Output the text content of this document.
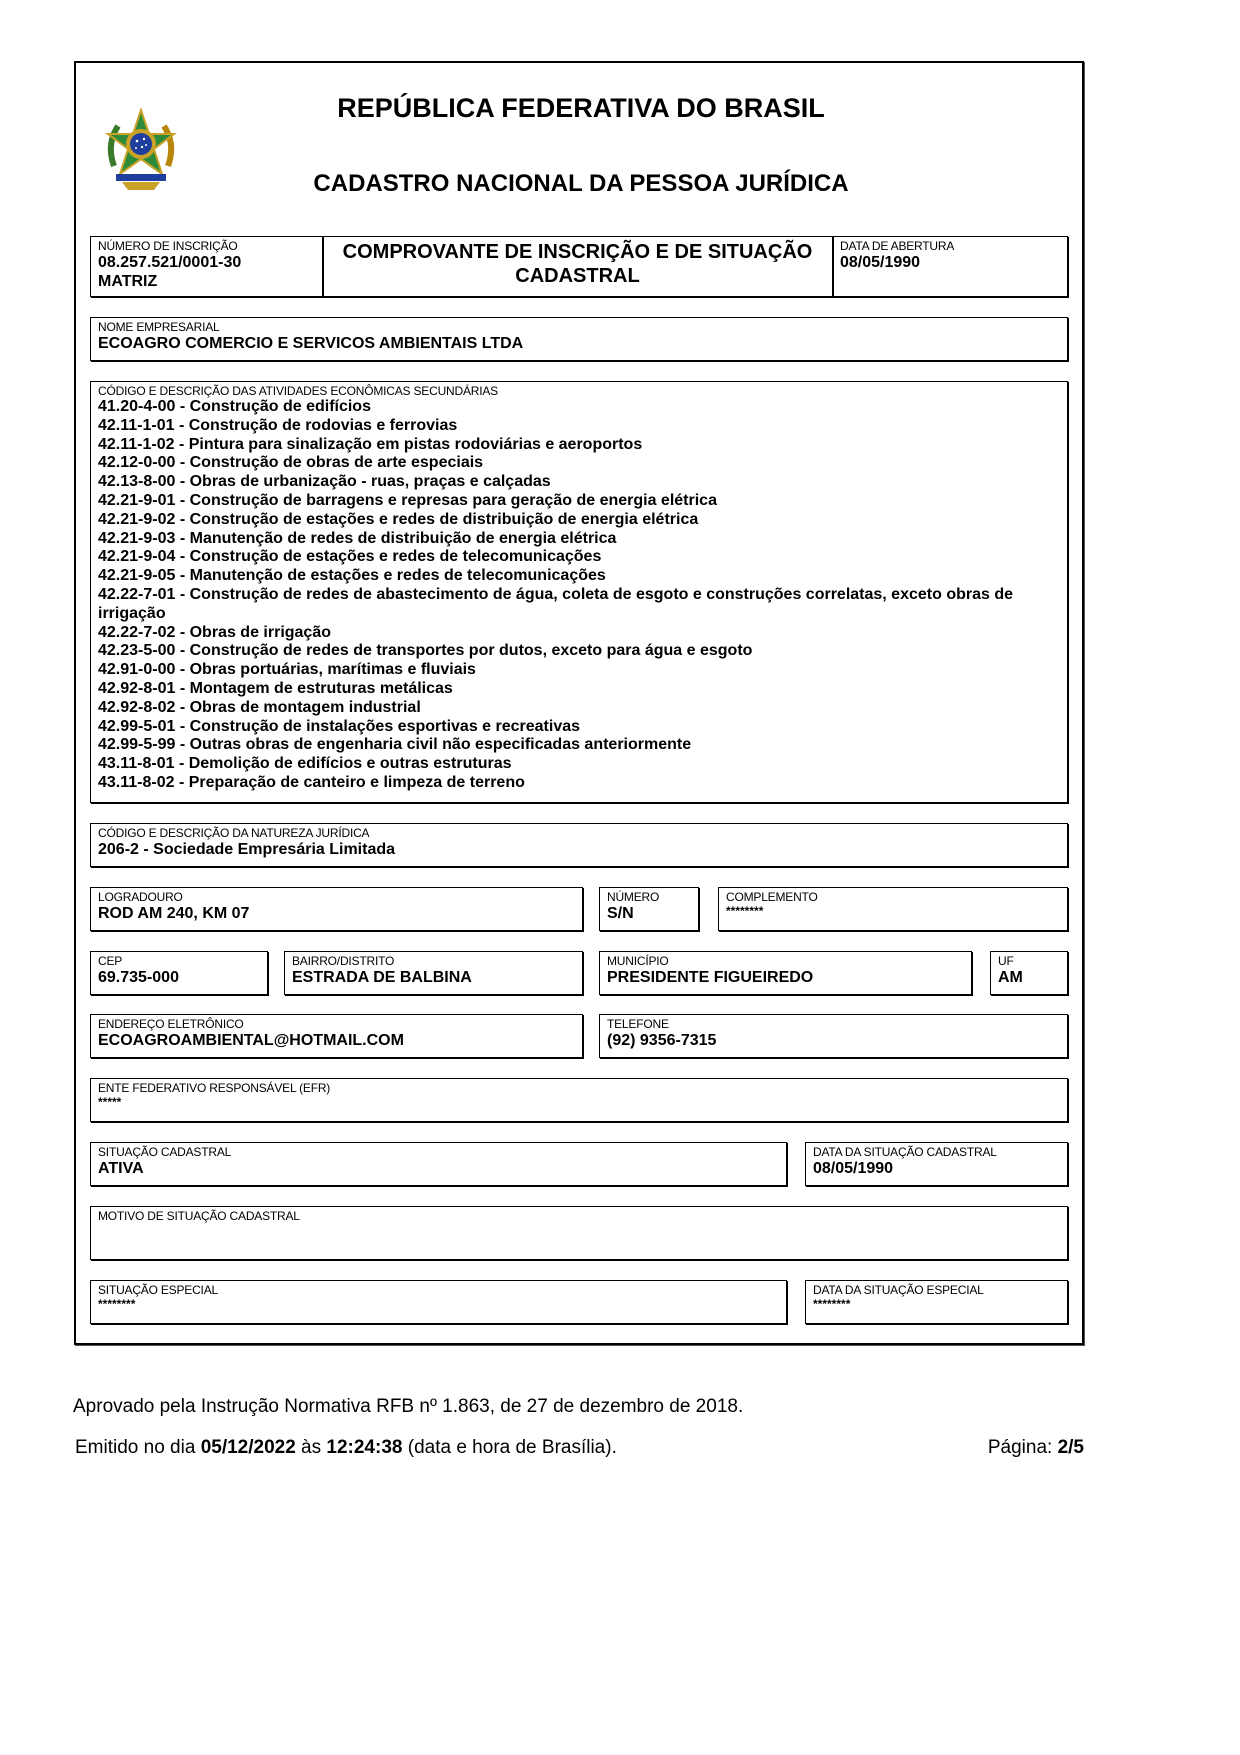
REPÚBLICA FEDERATIVA DO BRASIL
CADASTRO NACIONAL DA PESSOA JURÍDICA
NÚMERO DE INSCRIÇÃO
08.257.521/0001-30
MATRIZ
COMPROVANTE DE INSCRIÇÃO E DE SITUAÇÃO
CADASTRAL
DATA DE ABERTURA
08/05/1990
NOME EMPRESARIAL
ECOAGRO COMERCIO E SERVICOS AMBIENTAIS LTDA
CÓDIGO E DESCRIÇÃO DAS ATIVIDADES ECONÔMICAS SECUNDÁRIAS
41.20-4-00 - Construção de edifícios
42.11-1-01 - Construção de rodovias e ferrovias
42.11-1-02 - Pintura para sinalização em pistas rodoviárias e aeroportos
42.12-0-00 - Construção de obras de arte especiais
42.13-8-00 - Obras de urbanização - ruas, praças e calçadas
42.21-9-01 - Construção de barragens e represas para geração de energia elétrica
42.21-9-02 - Construção de estações e redes de distribuição de energia elétrica
42.21-9-03 - Manutenção de redes de distribuição de energia elétrica
42.21-9-04 - Construção de estações e redes de telecomunicações
42.21-9-05 - Manutenção de estações e redes de telecomunicações
42.22-7-01 - Construção de redes de abastecimento de água, coleta de esgoto e construções correlatas, exceto obras de irrigação
42.22-7-02 - Obras de irrigação
42.23-5-00 - Construção de redes de transportes por dutos, exceto para água e esgoto
42.91-0-00 - Obras portuárias, marítimas e fluviais
42.92-8-01 - Montagem de estruturas metálicas
42.92-8-02 - Obras de montagem industrial
42.99-5-01 - Construção de instalações esportivas e recreativas
42.99-5-99 - Outras obras de engenharia civil não especificadas anteriormente
43.11-8-01 - Demolição de edifícios e outras estruturas
43.11-8-02 - Preparação de canteiro e limpeza de terreno
CÓDIGO E DESCRIÇÃO DA NATUREZA JURÍDICA
206-2 - Sociedade Empresária Limitada
LOGRADOURO
ROD AM 240, KM 07
NÚMERO
S/N
COMPLEMENTO
********
CEP
69.735-000
BAIRRO/DISTRITO
ESTRADA DE BALBINA
MUNICÍPIO
PRESIDENTE FIGUEIREDO
UF
AM
ENDEREÇO ELETRÔNICO
ECOAGROAMBIENTAL@HOTMAIL.COM
TELEFONE
(92) 9356-7315
ENTE FEDERATIVO RESPONSÁVEL (EFR)
*****
SITUAÇÃO CADASTRAL
ATIVA
DATA DA SITUAÇÃO CADASTRAL
08/05/1990
MOTIVO DE SITUAÇÃO CADASTRAL
SITUAÇÃO ESPECIAL
********
DATA DA SITUAÇÃO ESPECIAL
********
Aprovado pela Instrução Normativa RFB nº 1.863, de 27 de dezembro de 2018.
Emitido no dia 05/12/2022 às 12:24:38 (data e hora de Brasília).	Página: 2/5
